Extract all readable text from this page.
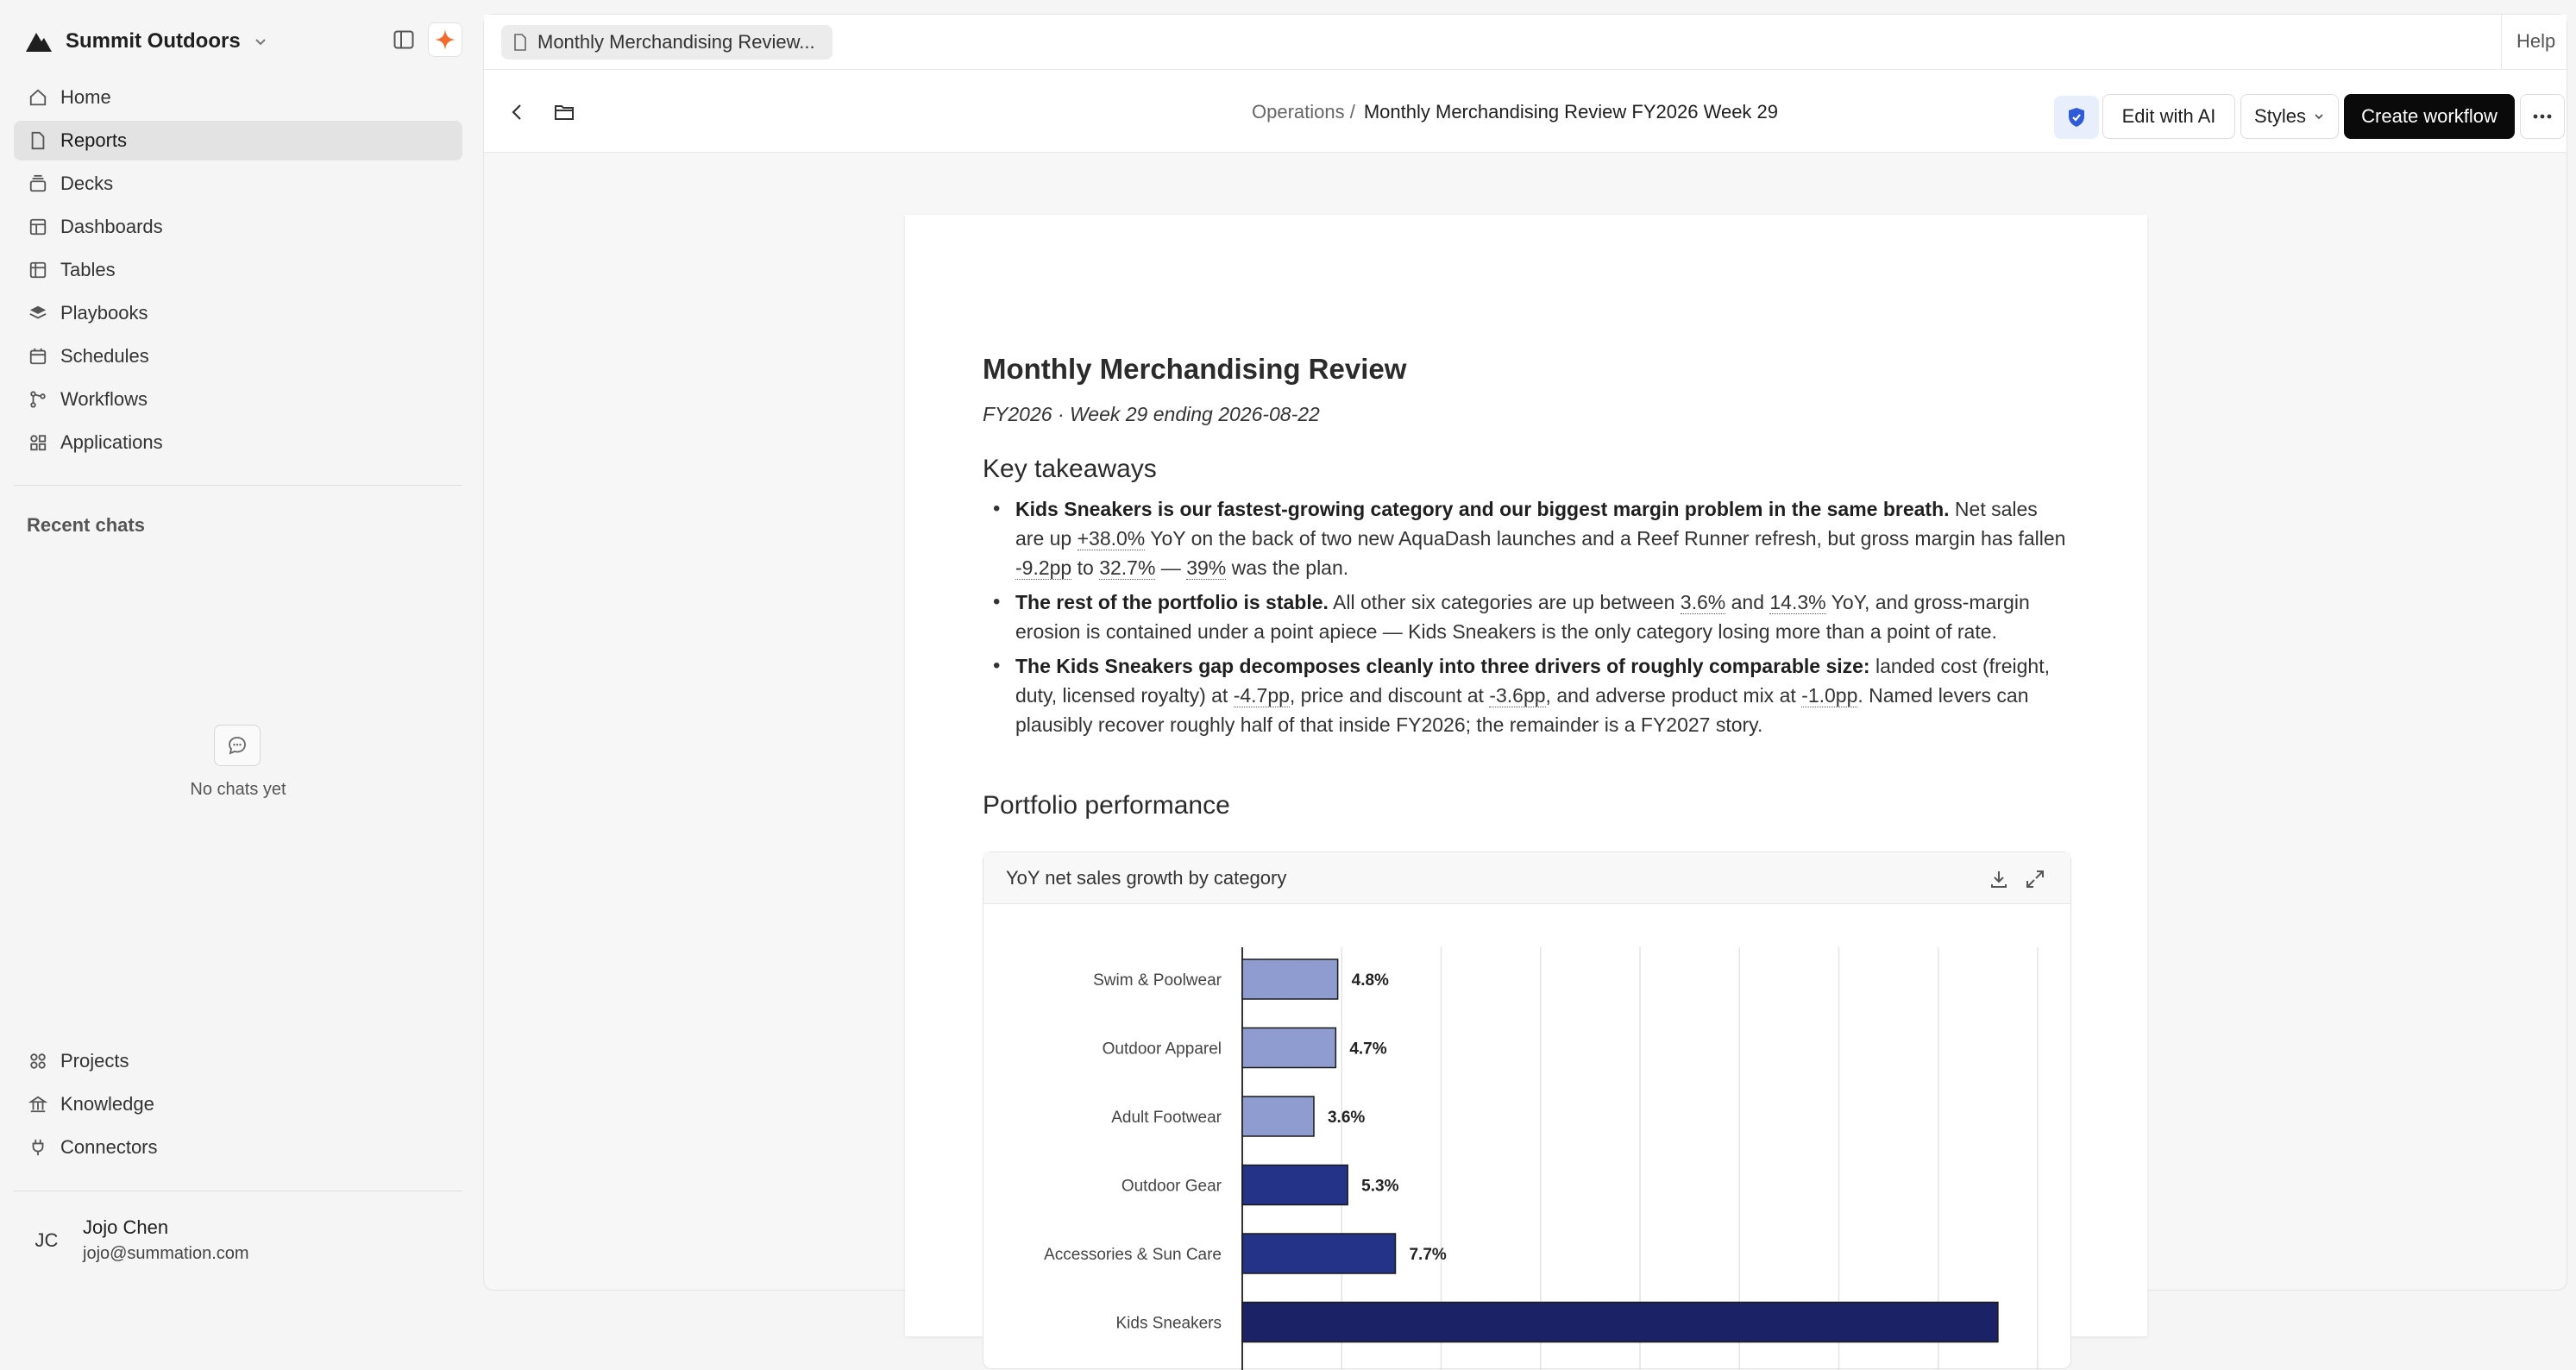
Summit Outdoors
Home
Reports
Decks
Dashboards
Tables
Playbooks
Schedules
Workflows
Applications
Recent chats
No chats yet
Projects
Knowledge
Connectors
JC
Jojo Chen
jojo@summation.com
Monthly Merchandising Review...	Help
Operations / Monthly Merchandising Review FY2026 Week 29	Edit with AI	Styles	Create workflow
Monthly Merchandising Review
FY2026 · Week 29 ending 2026-08-22
Key takeaways
• Kids Sneakers is our fastest-growing category and our biggest margin problem in the same breath. Net sales are up +38.0% YoY on the back of two new AquaDash launches and a Reef Runner refresh, but gross margin has fallen -9.2pp to 32.7% — 39% was the plan.
• The rest of the portfolio is stable. All other six categories are up between 3.6% and 14.3% YoY, and gross-margin erosion is contained under a point apiece — Kids Sneakers is the only category losing more than a point of rate.
• The Kids Sneakers gap decomposes cleanly into three drivers of roughly comparable size: landed cost (freight, duty, licensed royalty) at -4.7pp, price and discount at -3.6pp, and adverse product mix at -1.0pp. Named levers can plausibly recover roughly half of that inside FY2026; the remainder is a FY2027 story.
Portfolio performance
YoY net sales growth by category
Swim & Poolwear	4.8%
Outdoor Apparel	4.7%
Adult Footwear	3.6%
Outdoor Gear	5.3%
Accessories & Sun Care	7.7%
Kids Sneakers
